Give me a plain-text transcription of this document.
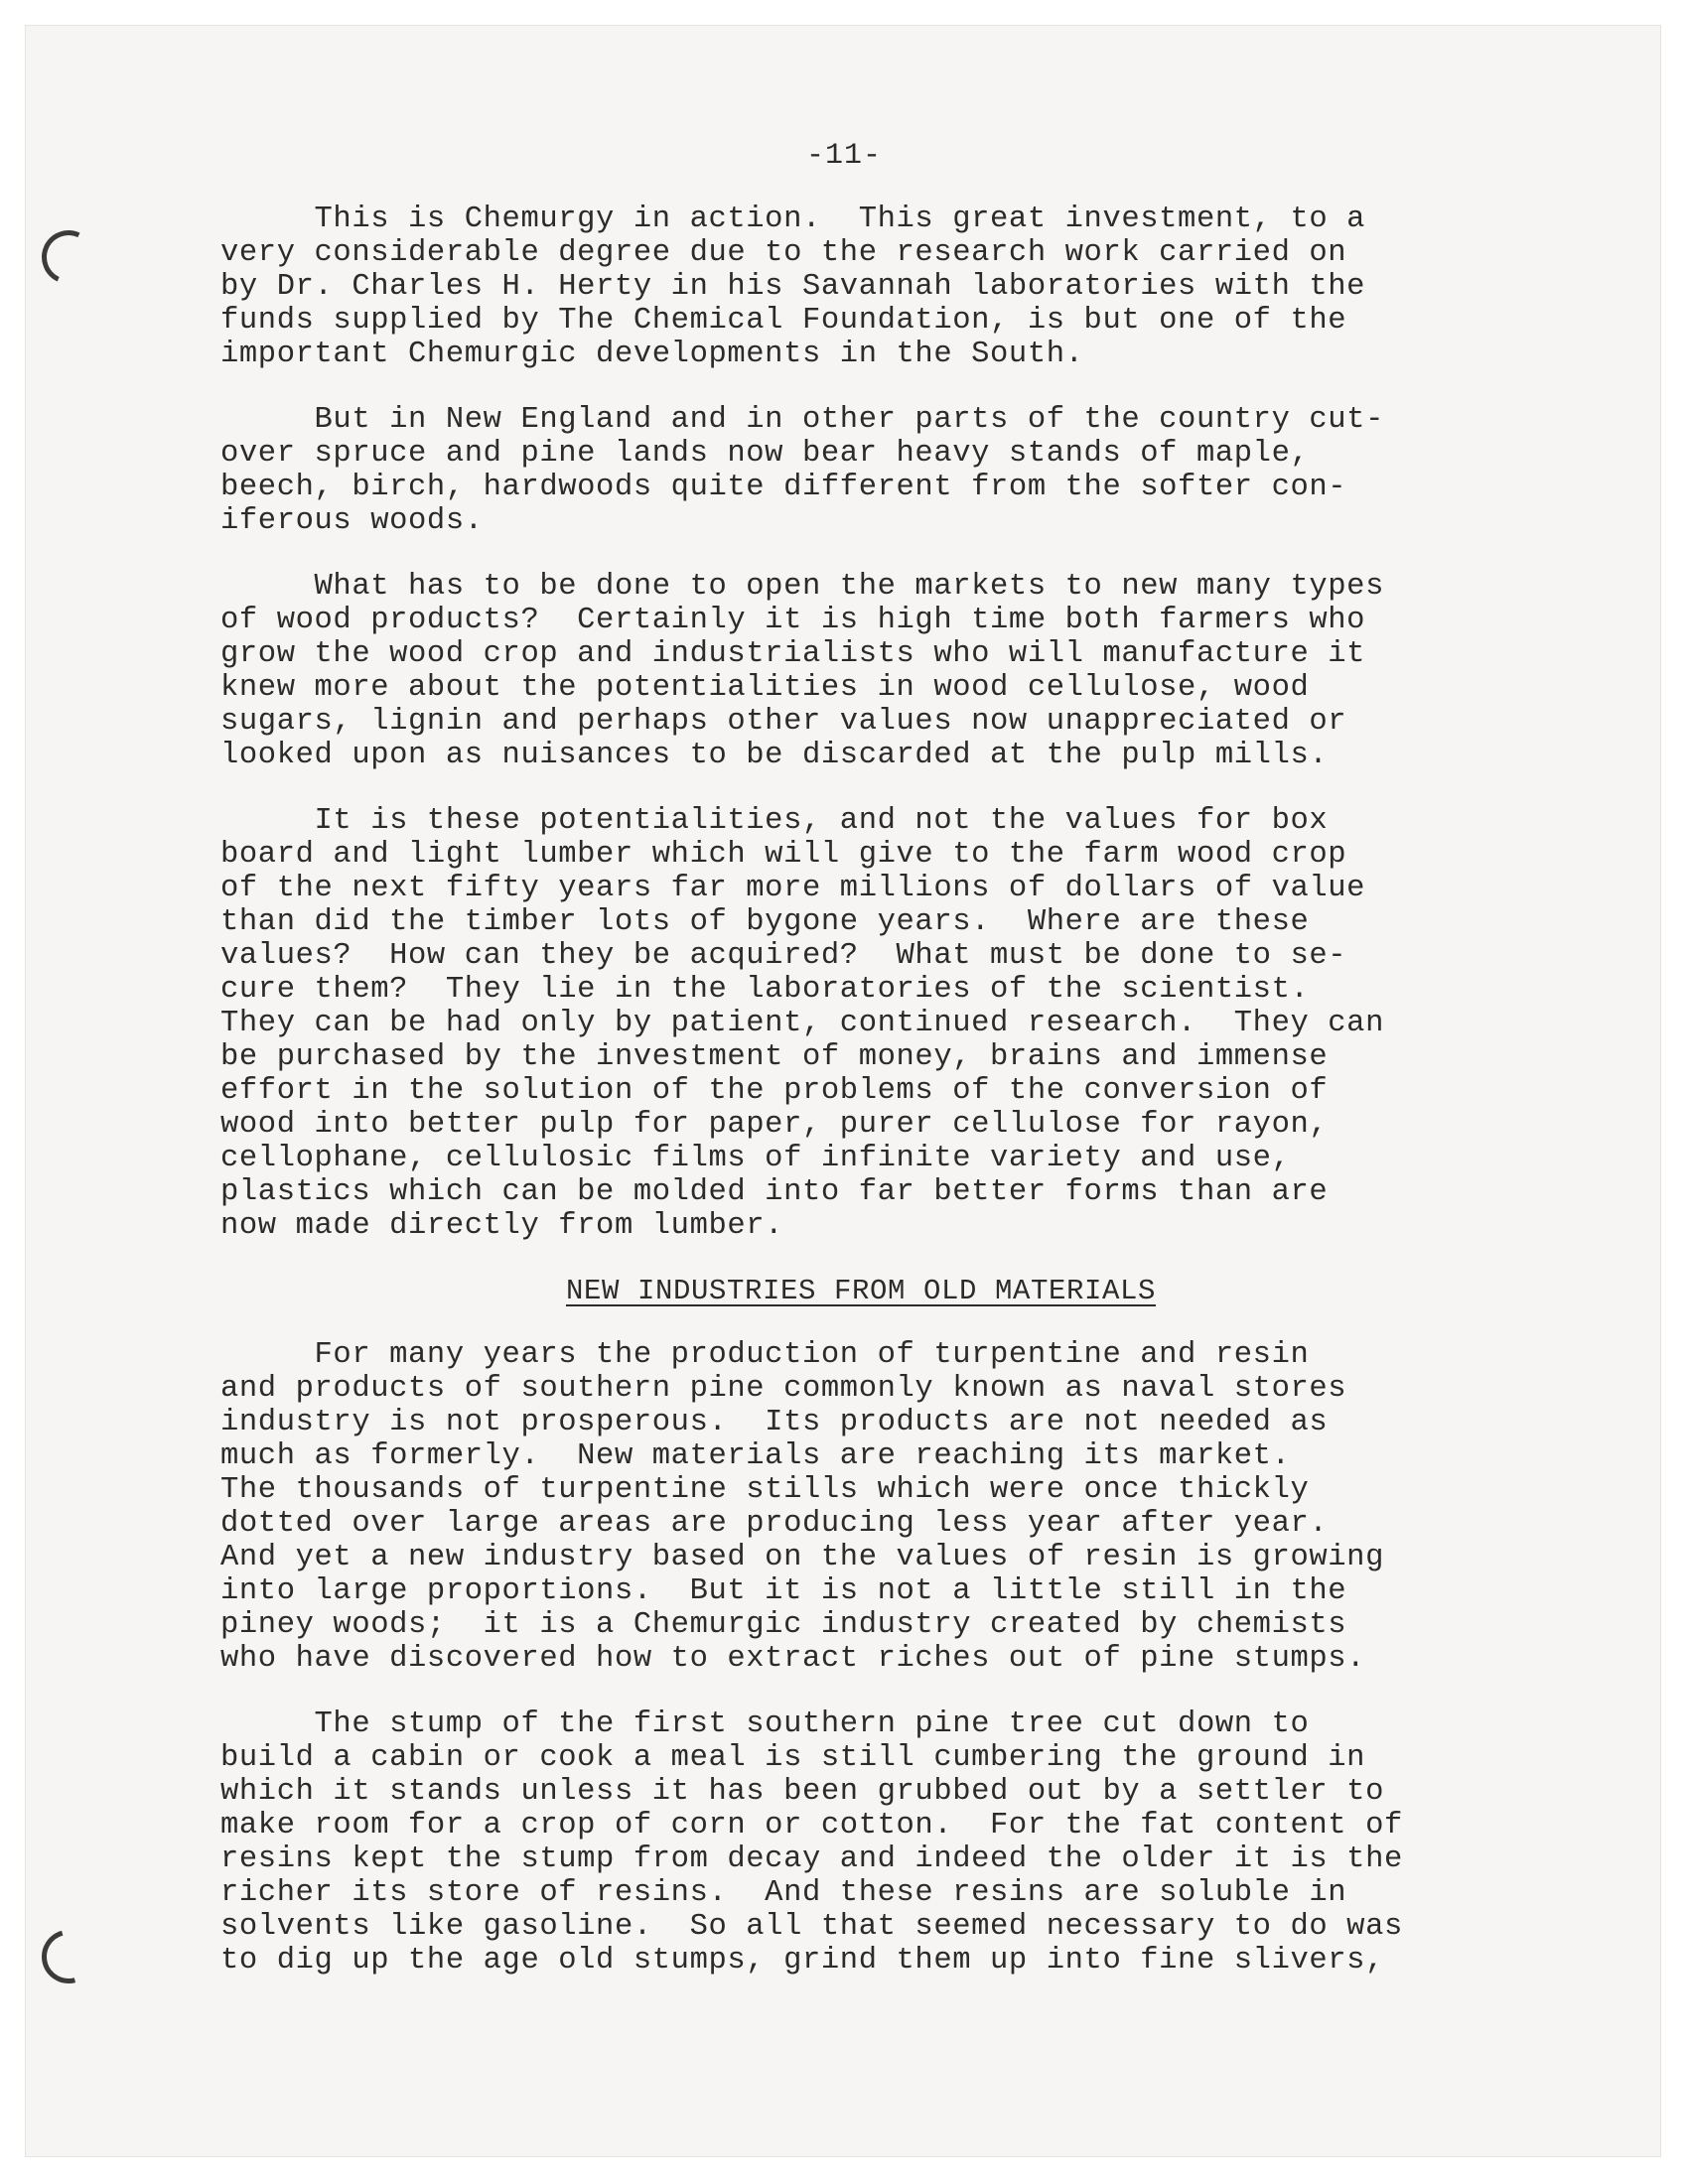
-11-
This is Chemurgy in action.  This great investment, to a
very considerable degree due to the research work carried on
by Dr. Charles H. Herty in his Savannah laboratories with the
funds supplied by The Chemical Foundation, is but one of the
important Chemurgic developments in the South.
But in New England and in other parts of the country cut-
over spruce and pine lands now bear heavy stands of maple,
beech, birch, hardwoods quite different from the softer con-
iferous woods.
What has to be done to open the markets to new many types
of wood products?  Certainly it is high time both farmers who
grow the wood crop and industrialists who will manufacture it
knew more about the potentialities in wood cellulose, wood
sugars, lignin and perhaps other values now unappreciated or
looked upon as nuisances to be discarded at the pulp mills.
It is these potentialities, and not the values for box
board and light lumber which will give to the farm wood crop
of the next fifty years far more millions of dollars of value
than did the timber lots of bygone years.  Where are these
values?  How can they be acquired?  What must be done to se-
cure them?  They lie in the laboratories of the scientist.
They can be had only by patient, continued research.  They can
be purchased by the investment of money, brains and immense
effort in the solution of the problems of the conversion of
wood into better pulp for paper, purer cellulose for rayon,
cellophane, cellulosic films of infinite variety and use,
plastics which can be molded into far better forms than are
now made directly from lumber.
NEW INDUSTRIES FROM OLD MATERIALS
For many years the production of turpentine and resin
and products of southern pine commonly known as naval stores
industry is not prosperous.  Its products are not needed as
much as formerly.  New materials are reaching its market.
The thousands of turpentine stills which were once thickly
dotted over large areas are producing less year after year.
And yet a new industry based on the values of resin is growing
into large proportions.  But it is not a little still in the
piney woods;  it is a Chemurgic industry created by chemists
who have discovered how to extract riches out of pine stumps.
The stump of the first southern pine tree cut down to
build a cabin or cook a meal is still cumbering the ground in
which it stands unless it has been grubbed out by a settler to
make room for a crop of corn or cotton.  For the fat content of
resins kept the stump from decay and indeed the older it is the
richer its store of resins.  And these resins are soluble in
solvents like gasoline.  So all that seemed necessary to do was
to dig up the age old stumps, grind them up into fine slivers,
